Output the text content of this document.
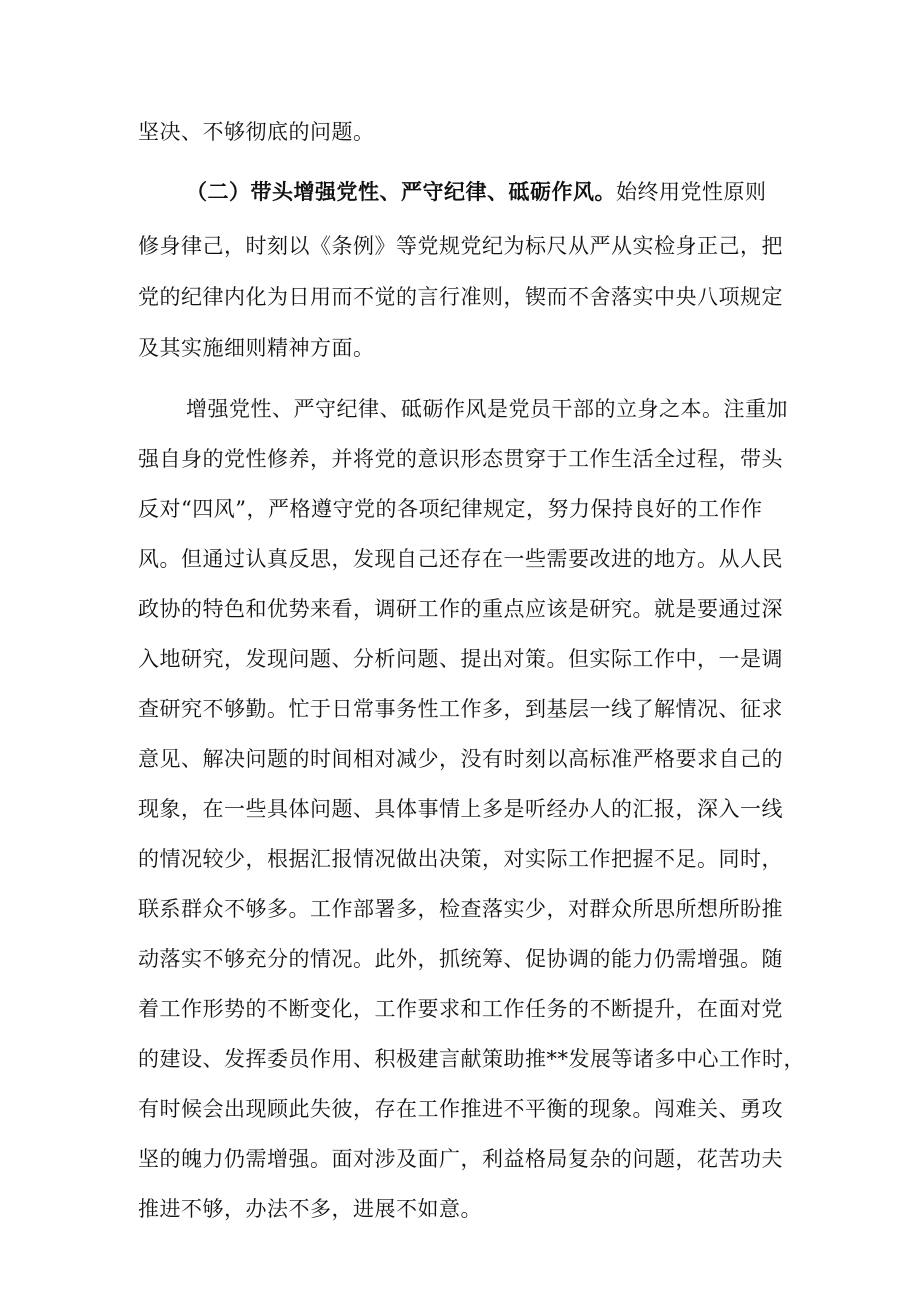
坚决、不够彻底的问题。
（二）带头增强党性、严守纪律、砥砺作风。始终用党性原则
修身律己，时刻以《条例》等党规党纪为标尺从严从实检身正己，把
党的纪律内化为日用而不觉的言行准则，锲而不舍落实中央八项规定
及其实施细则精神方面。
增强党性、严守纪律、砥砺作风是党员干部的立身之本。注重加
强自身的党性修养，并将党的意识形态贯穿于工作生活全过程，带头
反对“四风”，严格遵守党的各项纪律规定，努力保持良好的工作作
风。但通过认真反思，发现自己还存在一些需要改进的地方。从人民
政协的特色和优势来看，调研工作的重点应该是研究。就是要通过深
入地研究，发现问题、分析问题、提出对策。但实际工作中，一是调
查研究不够勤。忙于日常事务性工作多，到基层一线了解情况、征求
意见、解决问题的时间相对减少，没有时刻以高标准严格要求自己的
现象，在一些具体问题、具体事情上多是听经办人的汇报，深入一线
的情况较少，根据汇报情况做出决策，对实际工作把握不足。同时，
联系群众不够多。工作部署多，检查落实少，对群众所思所想所盼推
动落实不够充分的情况。此外，抓统筹、促协调的能力仍需增强。随
着工作形势的不断变化，工作要求和工作任务的不断提升，在面对党
的建设、发挥委员作用、积极建言献策助推**发展等诸多中心工作时，
有时候会出现顾此失彼，存在工作推进不平衡的现象。闯难关、勇攻
坚的魄力仍需增强。面对涉及面广，利益格局复杂的问题，花苦功夫
推进不够，办法不多，进展不如意。
